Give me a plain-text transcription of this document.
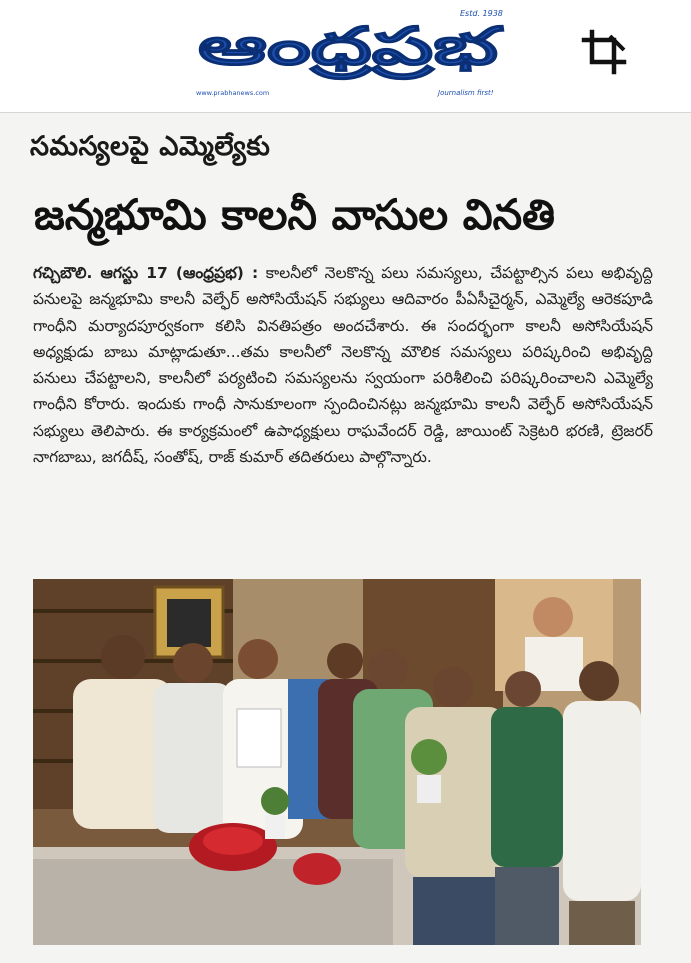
ఆంధ్రప్రభ
Estd. 1938
www.prabhanews.com	Journalism first!
సమస్యలపై ఎమ్మెల్యేకు
జన్మభూమి కాలనీ వాసుల వినతి
గచ్చిబౌలి. ఆగస్టు 17 (ఆంధ్రప్రభ) : కాలనీలో నెలకొన్న పలు సమస్యలు, చేపట్టాల్సిన పలు అభివృద్ది పనులపై జన్మభూమి కాలనీ వెల్ఫేర్ అసోసియేషన్ సభ్యులు ఆదివారం పీఏసీచైర్మన్, ఎమ్మెల్యే ఆరెకపూడి గాంధీని మర్యాదపూర్వకంగా కలిసి వినతిపత్రం అందచేశారు. ఈ సందర్భంగా కాలనీ అసోసియేషన్ అధ్యక్షుడు బాబు మాట్లాడుతూ...తమ కాలనీలో నెలకొన్న మౌలిక సమస్యలు పరిష్కరించి అభివృద్ది పనులు చేపట్టాలని, కాలనీలో పర్యటించి సమస్యలను స్వయంగా పరిశీలించి పరిష్కరించాలని ఎమ్మెల్యే గాంధీని కోరారు. ఇందుకు గాంధీ సానుకూలంగా స్పందించినట్లు జన్మభూమి కాలనీ వెల్ఫేర్ అసోసియేషన్ సభ్యులు తెలిపారు. ఈ కార్యక్రమంలో ఉపాధ్యక్షులు రాఘవేందర్ రెడ్డి, జాయింట్ సెక్రెటరి భరణి, ట్రెజరర్ నాగబాబు, జగదీష్, సంతోష్, రాజ్ కుమార్ తదితరులు పాల్గొన్నారు.
